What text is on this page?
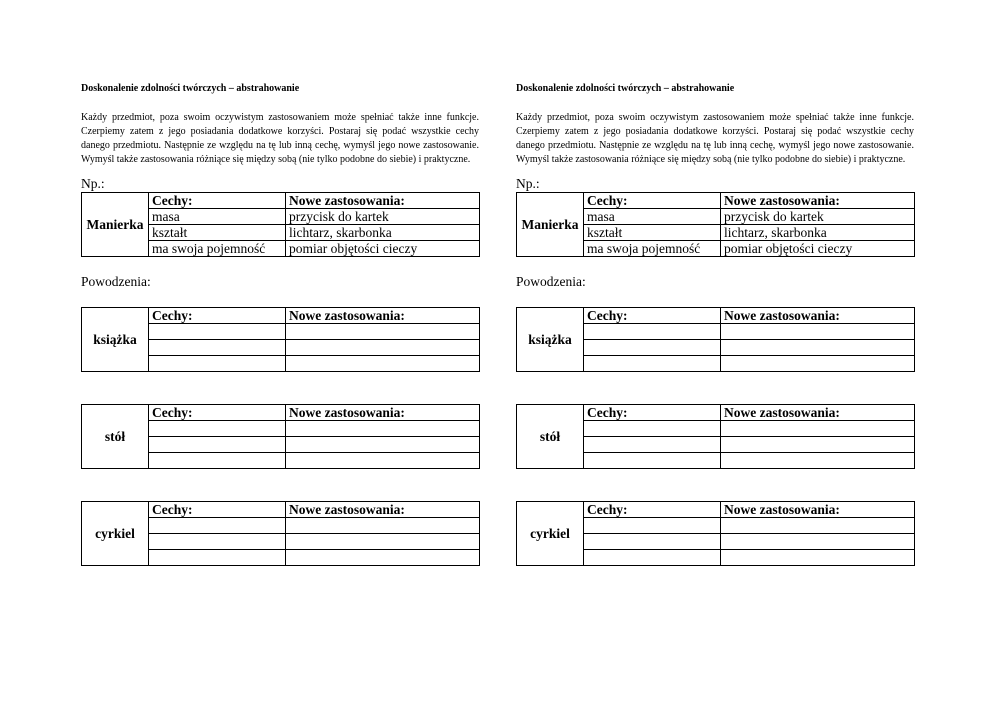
Doskonalenie zdolności twórczych – abstrahowanie

Każdy przedmiot, poza swoim oczywistym zastosowaniem może spełniać także inne funkcje. Czerpiemy zatem z jego posiadania dodatkowe korzyści. Postaraj się podać wszystkie cechy danego przedmiotu. Następnie ze względu na tę lub inną cechę, wymyśl jego nowe zastosowanie. Wymyśl także zastosowania różniące się między sobą (nie tylko podobne do siebie) i praktyczne.

Np.:
Manierka	Cechy:	Nowe zastosowania:
	masa	przycisk do kartek
	kształt	lichtarz, skarbonka
	ma swoja pojemność	pomiar objętości cieczy
Powodzenia:
książka	Cechy:	Nowe zastosowania:

stół	Cechy:	Nowe zastosowania:

cyrkiel	Cechy:	Nowe zastosowania:

Doskonalenie zdolności twórczych – abstrahowanie

Każdy przedmiot, poza swoim oczywistym zastosowaniem może spełniać także inne funkcje. Czerpiemy zatem z jego posiadania dodatkowe korzyści. Postaraj się podać wszystkie cechy danego przedmiotu. Następnie ze względu na tę lub inną cechę, wymyśl jego nowe zastosowanie. Wymyśl także zastosowania różniące się między sobą (nie tylko podobne do siebie) i praktyczne.

Np.:
Manierka	Cechy:	Nowe zastosowania:
	masa	przycisk do kartek
	kształt	lichtarz, skarbonka
	ma swoja pojemność	pomiar objętości cieczy
Powodzenia:
książka	Cechy:	Nowe zastosowania:

stół	Cechy:	Nowe zastosowania:

cyrkiel	Cechy:	Nowe zastosowania:
